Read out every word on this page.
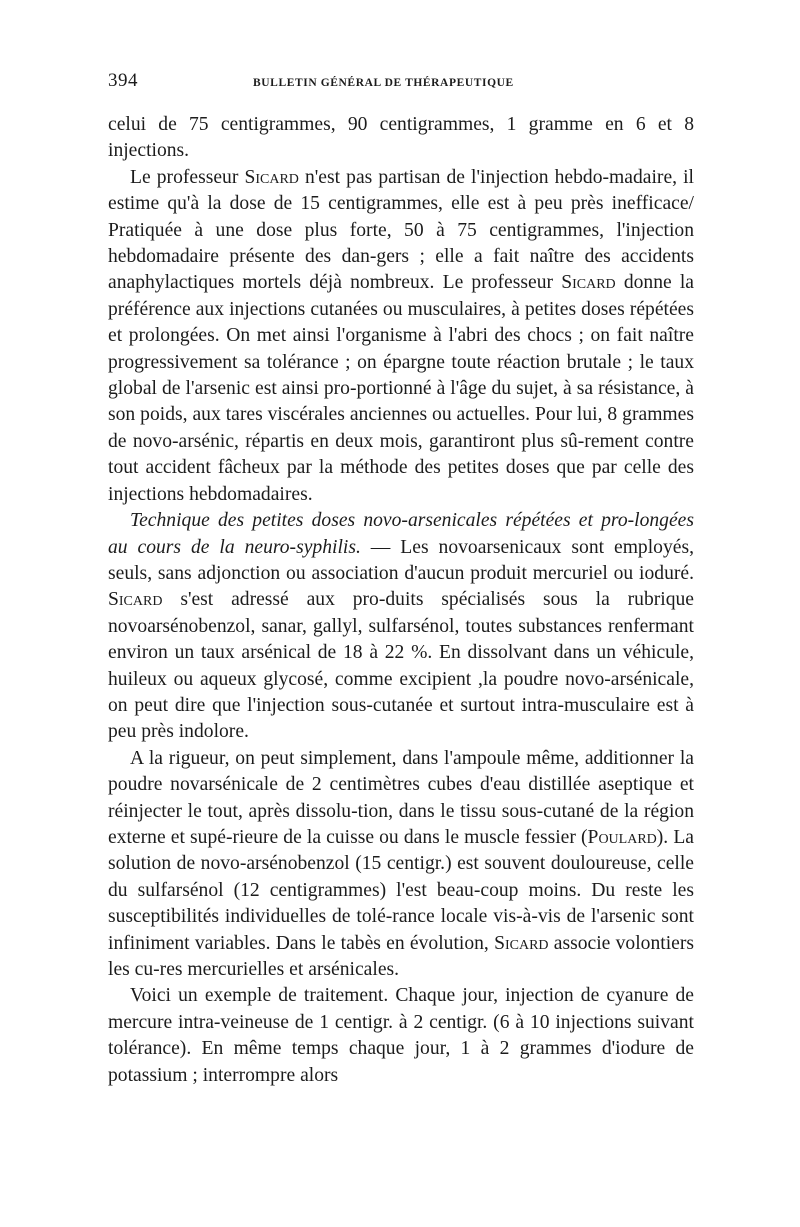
394	BULLETIN GÉNÉRAL DE THÉRAPEUTIQUE

celui de 75 centigrammes, 90 centigrammes, 1 gramme en 6 et 8 injections.

Le professeur Sicard n'est pas partisan de l'injection hebdo-madaire, il estime qu'à la dose de 15 centigrammes, elle est à peu près inefficace/ Pratiquée à une dose plus forte, 50 à 75 centigrammes, l'injection hebdomadaire présente des dan-gers ; elle a fait naître des accidents anaphylactiques mortels déjà nombreux. Le professeur Sicard donne la préférence aux injections cutanées ou musculaires, à petites doses répétées et prolongées. On met ainsi l'organisme à l'abri des chocs ; on fait naître progressivement sa tolérance ; on épargne toute réaction brutale ; le taux global de l'arsenic est ainsi pro-portionné à l'âge du sujet, à sa résistance, à son poids, aux tares viscérales anciennes ou actuelles. Pour lui, 8 grammes de novo-arsénic, répartis en deux mois, garantiront plus sû-rement contre tout accident fâcheux par la méthode des petites doses que par celle des injections hebdomadaires.

Technique des petites doses novo-arsenicales répétées et pro-longées au cours de la neuro-syphilis. — Les novoarsenicaux sont employés, seuls, sans adjonction ou association d'aucun produit mercuriel ou ioduré. Sicard s'est adressé aux pro-duits spécialisés sous la rubrique novoarsénobenzol, sanar, gallyl, sulfarsénol, toutes substances renfermant environ un taux arsénical de 18 à 22 %. En dissolvant dans un véhicule, huileux ou aqueux glycosé, comme excipient ,la poudre novo-arsénicale, on peut dire que l'injection sous-cutanée et surtout intra-musculaire est à peu près indolore.

A la rigueur, on peut simplement, dans l'ampoule même, additionner la poudre novarsénicale de 2 centimètres cubes d'eau distillée aseptique et réinjecter le tout, après dissolu-tion, dans le tissu sous-cutané de la région externe et supé-rieure de la cuisse ou dans le muscle fessier (Poulard). La solution de novo-arsénobenzol (15 centigr.) est souvent douloureuse, celle du sulfarsénol (12 centigrammes) l'est beau-coup moins. Du reste les susceptibilités individuelles de tolé-rance locale vis-à-vis de l'arsenic sont infiniment variables. Dans le tabès en évolution, Sicard associe volontiers les cu-res mercurielles et arsénicales.

Voici un exemple de traitement. Chaque jour, injection de cyanure de mercure intra-veineuse de 1 centigr. à 2 centigr. (6 à 10 injections suivant tolérance). En même temps chaque jour, 1 à 2 grammes d'iodure de potassium ; interrompre alors
